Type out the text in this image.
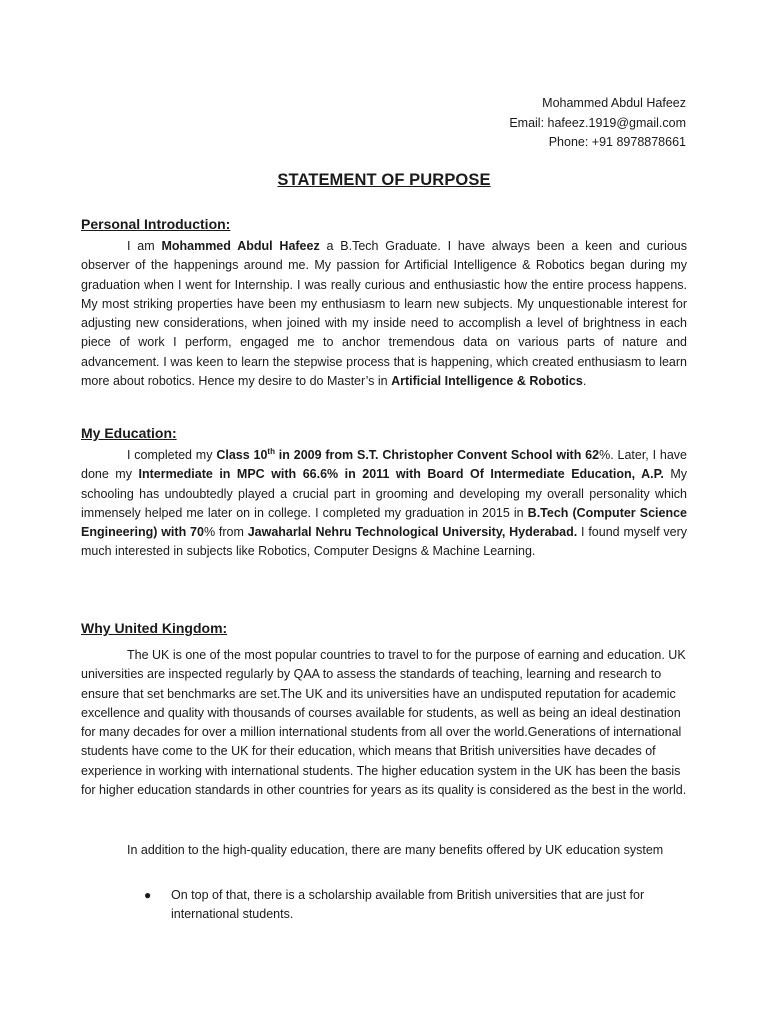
Mohammed Abdul Hafeez
Email: hafeez.1919@gmail.com
Phone: +91 8978878661
STATEMENT OF PURPOSE
Personal Introduction:
I am Mohammed Abdul Hafeez a B.Tech Graduate. I have always been a keen and curious observer of the happenings around me. My passion for Artificial Intelligence & Robotics began during my graduation when I went for Internship. I was really curious and enthusiastic how the entire process happens. My most striking properties have been my enthusiasm to learn new subjects. My unquestionable interest for adjusting new considerations, when joined with my inside need to accomplish a level of brightness in each piece of work I perform, engaged me to anchor tremendous data on various parts of nature and advancement. I was keen to learn the stepwise process that is happening, which created enthusiasm to learn more about robotics. Hence my desire to do Master’s in Artificial Intelligence & Robotics.
My Education:
I completed my Class 10th in 2009 from S.T. Christopher Convent School with 62%. Later, I have done my Intermediate in MPC with 66.6% in 2011 with Board Of Intermediate Education, A.P. My schooling has undoubtedly played a crucial part in grooming and developing my overall personality which immensely helped me later on in college. I completed my graduation in 2015 in B.Tech (Computer Science Engineering) with 70% from Jawaharlal Nehru Technological University, Hyderabad. I found myself very much interested in subjects like Robotics, Computer Designs & Machine Learning.
Why United Kingdom:
The UK is one of the most popular countries to travel to for the purpose of earning and education. UK universities are inspected regularly by QAA to assess the standards of teaching, learning and research to ensure that set benchmarks are set.The UK and its universities have an undisputed reputation for academic excellence and quality with thousands of courses available for students, as well as being an ideal destination for many decades for over a million international students from all over the world.Generations of international students have come to the UK for their education, which means that British universities have decades of experience in working with international students. The higher education system in the UK has been the basis for higher education standards in other countries for years as its quality is considered as the best in the world.
In addition to the high-quality education, there are many benefits offered by UK education system
● On top of that, there is a scholarship available from British universities that are just for international students.
